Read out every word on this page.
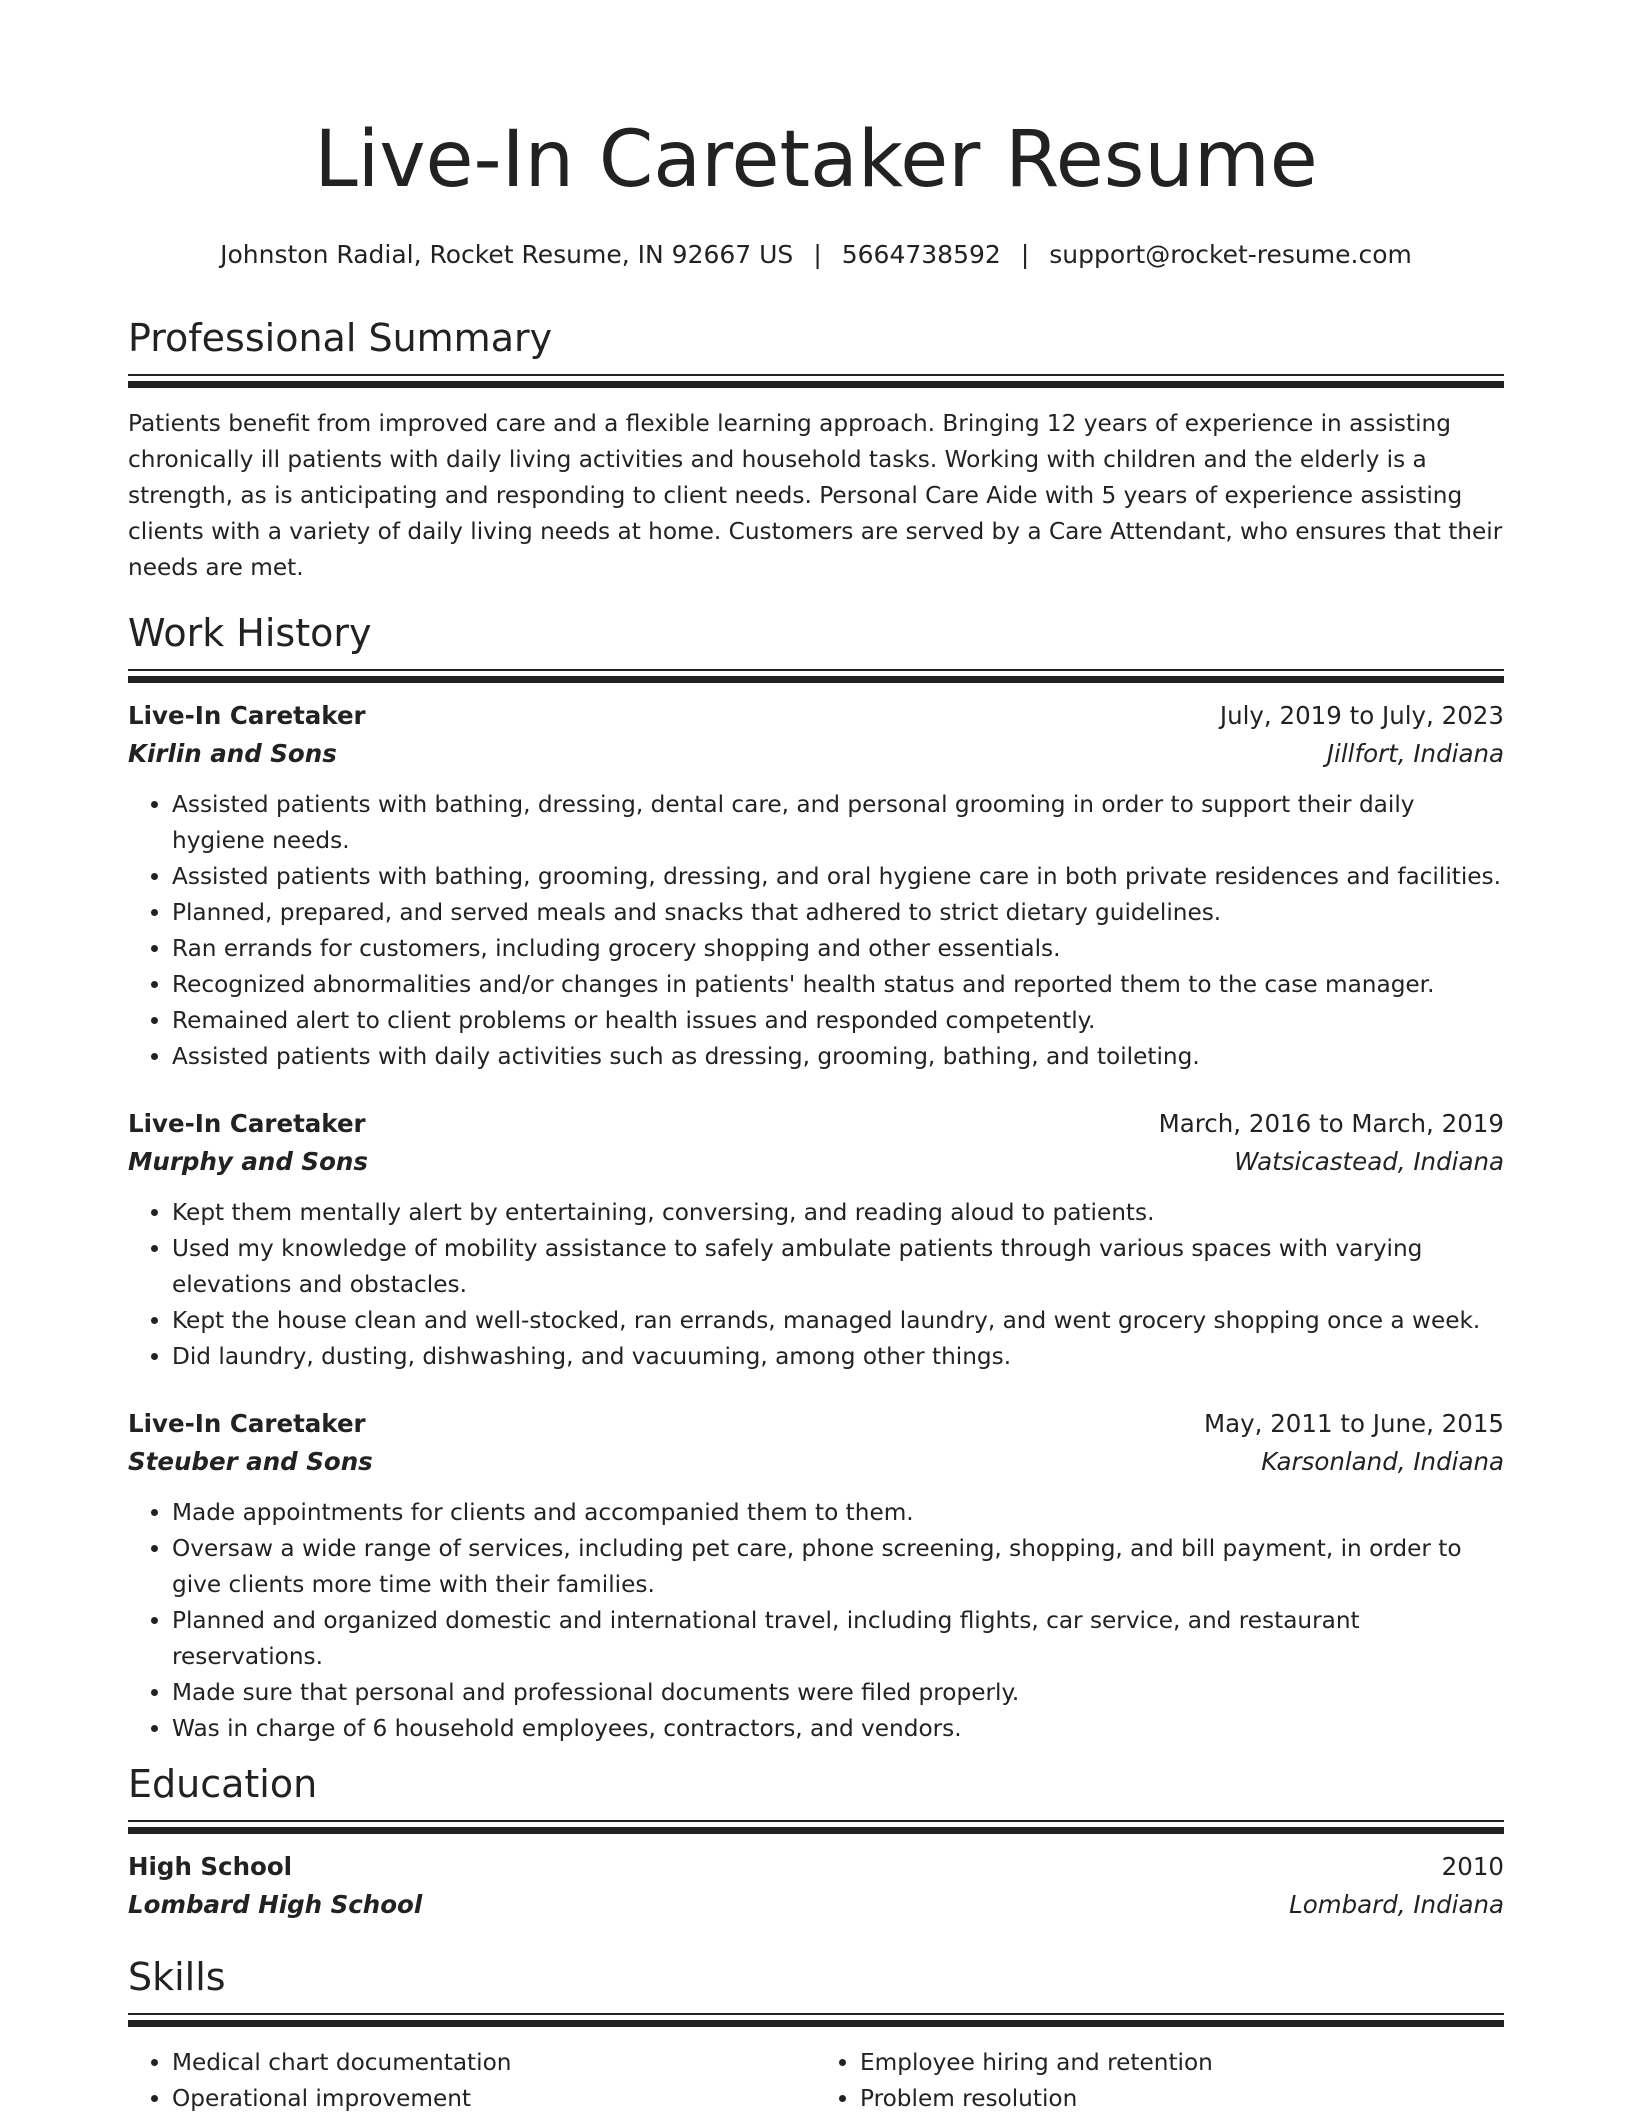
Live-In Caretaker Resume
Johnston Radial, Rocket Resume, IN 92667 US | 5664738592 | support@rocket-resume.com
Professional Summary

Patients benefit from improved care and a flexible learning approach. Bringing 12 years of experience in assisting chronically ill patients with daily living activities and household tasks. Working with children and the elderly is a strength, as is anticipating and responding to client needs. Personal Care Aide with 5 years of experience assisting clients with a variety of daily living needs at home. Customers are served by a Care Attendant, who ensures that their needs are met.

Work History
Live-In Caretaker	July, 2019 to July, 2023
Kirlin and Sons	Jillfort, Indiana
• Assisted patients with bathing, dressing, dental care, and personal grooming in order to support their daily hygiene needs.
• Assisted patients with bathing, grooming, dressing, and oral hygiene care in both private residences and facilities.
• Planned, prepared, and served meals and snacks that adhered to strict dietary guidelines.
• Ran errands for customers, including grocery shopping and other essentials.
• Recognized abnormalities and/or changes in patients' health status and reported them to the case manager.
• Remained alert to client problems or health issues and responded competently.
• Assisted patients with daily activities such as dressing, grooming, bathing, and toileting.
Live-In Caretaker	March, 2016 to March, 2019
Murphy and Sons	Watsicastead, Indiana
• Kept them mentally alert by entertaining, conversing, and reading aloud to patients.
• Used my knowledge of mobility assistance to safely ambulate patients through various spaces with varying elevations and obstacles.
• Kept the house clean and well-stocked, ran errands, managed laundry, and went grocery shopping once a week.
• Did laundry, dusting, dishwashing, and vacuuming, among other things.
Live-In Caretaker	May, 2011 to June, 2015
Steuber and Sons	Karsonland, Indiana
• Made appointments for clients and accompanied them to them.
• Oversaw a wide range of services, including pet care, phone screening, shopping, and bill payment, in order to give clients more time with their families.
• Planned and organized domestic and international travel, including flights, car service, and restaurant reservations.
• Made sure that personal and professional documents were filed properly.
• Was in charge of 6 household employees, contractors, and vendors.
Education
High School	2010
Lombard High School	Lombard, Indiana
Skills
• Medical chart documentation
• Operational improvement
• Employee hiring and retention
• Problem resolution
